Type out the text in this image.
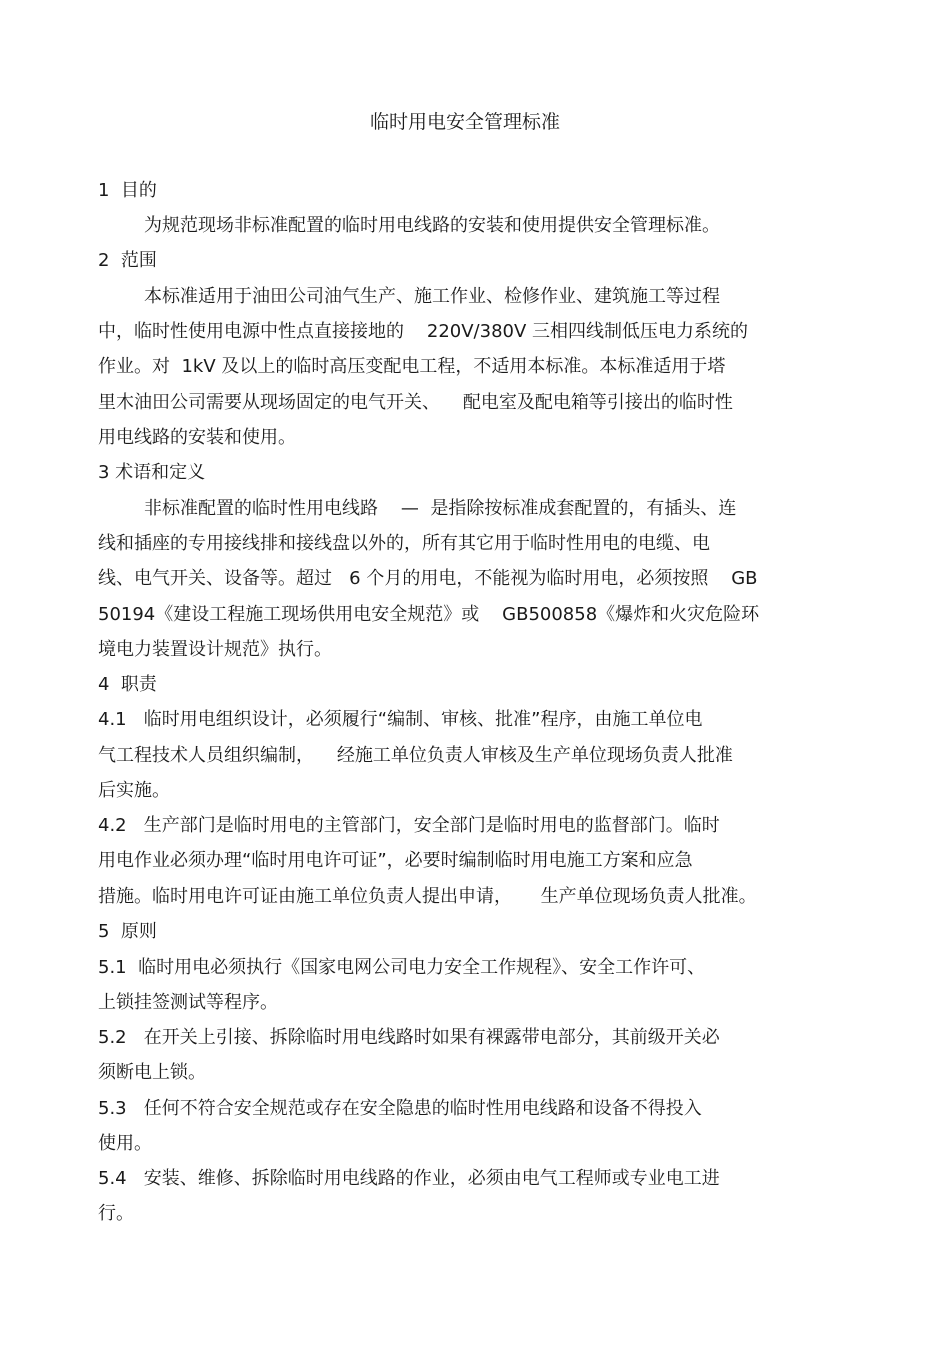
临时用电安全管理标准
1  目的
为规范现场非标准配置的临时用电线路的安装和使用提供安全管理标准。
2  范围
本标准适用于油田公司油气生产、施工作业、检修作业、建筑施工等过程
中，临时性使用电源中性点直接接地的    220V/380V 三相四线制低压电力系统的
作业。对  1kV 及以上的临时高压变配电工程，不适用本标准。本标准适用于塔
里木油田公司需要从现场固定的电气开关、    配电室及配电箱等引接出的临时性
用电线路的安装和使用。
3 术语和定义
非标准配置的临时性用电线路    —  是指除按标准成套配置的，有插头、连
线和插座的专用接线排和接线盘以外的，所有其它用于临时性用电的电缆、电
线、电气开关、设备等。超过   6 个月的用电，不能视为临时用电，必须按照    GB
50194《建设工程施工现场供用电安全规范》或    GB500858《爆炸和火灾危险环
境电力装置设计规范》执行。
4  职责
4.1   临时用电组织设计，必须履行“编制、审核、批准”程序，由施工单位电
气工程技术人员组织编制，    经施工单位负责人审核及生产单位现场负责人批准
后实施。
4.2   生产部门是临时用电的主管部门，安全部门是临时用电的监督部门。临时
用电作业必须办理“临时用电许可证”，必要时编制临时用电施工方案和应急
措施。临时用电许可证由施工单位负责人提出申请，     生产单位现场负责人批准。
5  原则
5.1  临时用电必须执行《国家电网公司电力安全工作规程》、安全工作许可、
上锁挂签测试等程序。
5.2   在开关上引接、拆除临时用电线路时如果有裸露带电部分，其前级开关必
须断电上锁。
5.3   任何不符合安全规范或存在安全隐患的临时性用电线路和设备不得投入
使用。
5.4   安装、维修、拆除临时用电线路的作业，必须由电气工程师或专业电工进
行。
